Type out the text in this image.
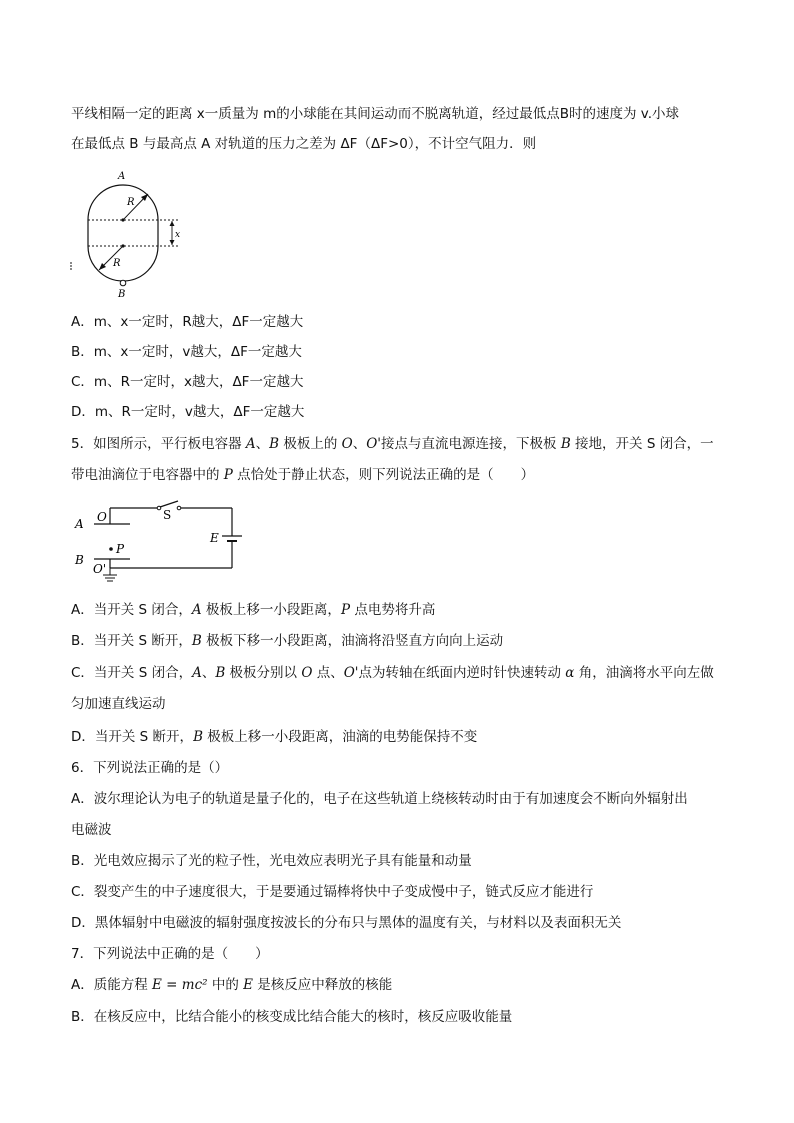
平线相隔一定的距离 x一质量为 m的小球能在其间运动而不脱离轨道，经过最低点B时的速度为 v.小球
在最低点 B 与最高点 A 对轨道的压力之差为 ΔF（ΔF>0），不计空气阻力．则
A
R
R
x
B
A．m、x一定时，R越大，ΔF一定越大
B．m、x一定时，v越大，ΔF一定越大
C．m、R一定时，x越大，ΔF一定越大
D．m、R一定时，v越大，ΔF一定越大
5．如图所示，平行板电容器 A、B 极板上的 O、O'接点与直流电源连接，下极板 B 接地，开关 S 闭合，一
带电油滴位于电容器中的 P 点恰处于静止状态，则下列说法正确的是（　　）
A O	S
E
P
B
O'
A．当开关 S 闭合，A 极板上移一小段距离，P 点电势将升高
B．当开关 S 断开，B 极板下移一小段距离，油滴将沿竖直方向向上运动
C．当开关 S 闭合，A、B 极板分别以 O 点、O'点为转轴在纸面内逆时针快速转动 α 角，油滴将水平向左做
匀加速直线运动
D．当开关 S 断开，B 极板上移一小段距离，油滴的电势能保持不变
6．下列说法正确的是（）
A．波尔理论认为电子的轨道是量子化的，电子在这些轨道上绕核转动时由于有加速度会不断向外辐射出
电磁波
B．光电效应揭示了光的粒子性，光电效应表明光子具有能量和动量
C．裂变产生的中子速度很大，于是要通过镉棒将快中子变成慢中子，链式反应才能进行
D．黑体辐射中电磁波的辐射强度按波长的分布只与黑体的温度有关，与材料以及表面积无关
7．下列说法中正确的是（　　）
A．质能方程 E = mc² 中的 E 是核反应中释放的核能
B．在核反应中，比结合能小的核变成比结合能大的核时，核反应吸收能量
